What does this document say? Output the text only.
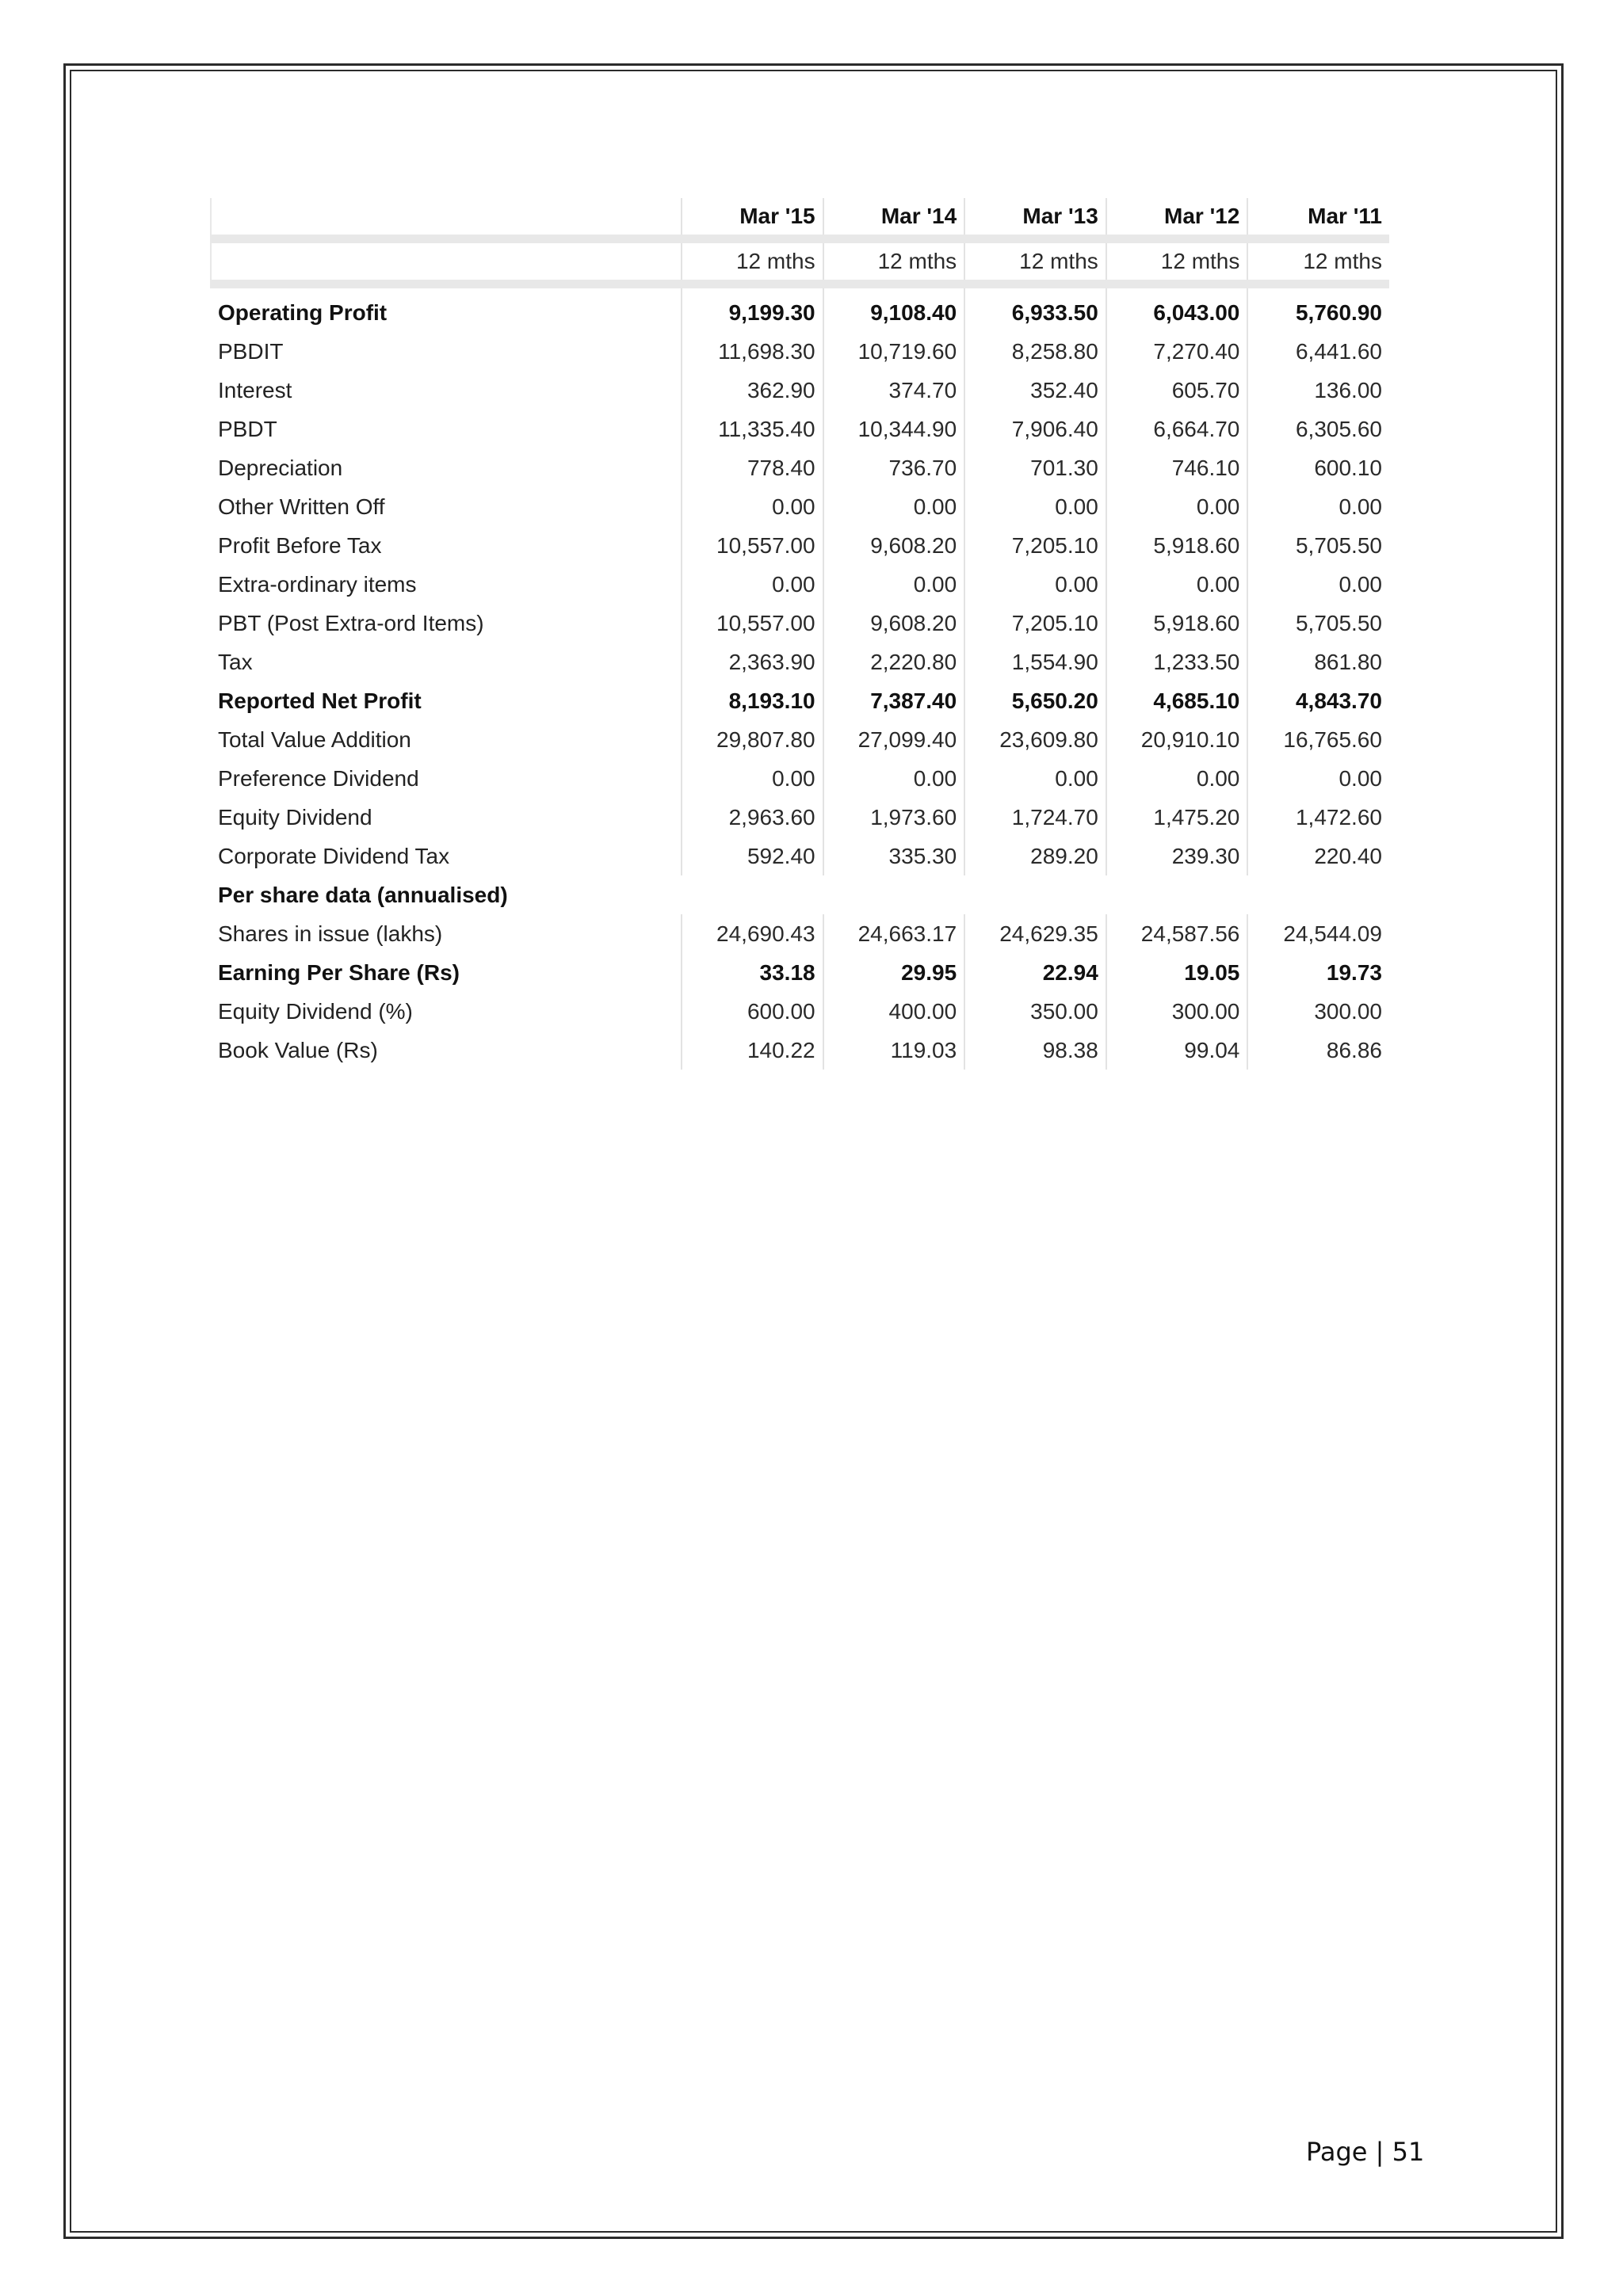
	Mar '15	Mar '14	Mar '13	Mar '12	Mar '11
	12 mths	12 mths	12 mths	12 mths	12 mths
Operating Profit	9,199.30	9,108.40	6,933.50	6,043.00	5,760.90
PBDIT	11,698.30	10,719.60	8,258.80	7,270.40	6,441.60
Interest	362.90	374.70	352.40	605.70	136.00
PBDT	11,335.40	10,344.90	7,906.40	6,664.70	6,305.60
Depreciation	778.40	736.70	701.30	746.10	600.10
Other Written Off	0.00	0.00	0.00	0.00	0.00
Profit Before Tax	10,557.00	9,608.20	7,205.10	5,918.60	5,705.50
Extra-ordinary items	0.00	0.00	0.00	0.00	0.00
PBT (Post Extra-ord Items)	10,557.00	9,608.20	7,205.10	5,918.60	5,705.50
Tax	2,363.90	2,220.80	1,554.90	1,233.50	861.80
Reported Net Profit	8,193.10	7,387.40	5,650.20	4,685.10	4,843.70
Total Value Addition	29,807.80	27,099.40	23,609.80	20,910.10	16,765.60
Preference Dividend	0.00	0.00	0.00	0.00	0.00
Equity Dividend	2,963.60	1,973.60	1,724.70	1,475.20	1,472.60
Corporate Dividend Tax	592.40	335.30	289.20	239.30	220.40
Per share data (annualised)					
Shares in issue (lakhs)	24,690.43	24,663.17	24,629.35	24,587.56	24,544.09
Earning Per Share (Rs)	33.18	29.95	22.94	19.05	19.73
Equity Dividend (%)	600.00	400.00	350.00	300.00	300.00
Book Value (Rs)	140.22	119.03	98.38	99.04	86.86
Page | 51
